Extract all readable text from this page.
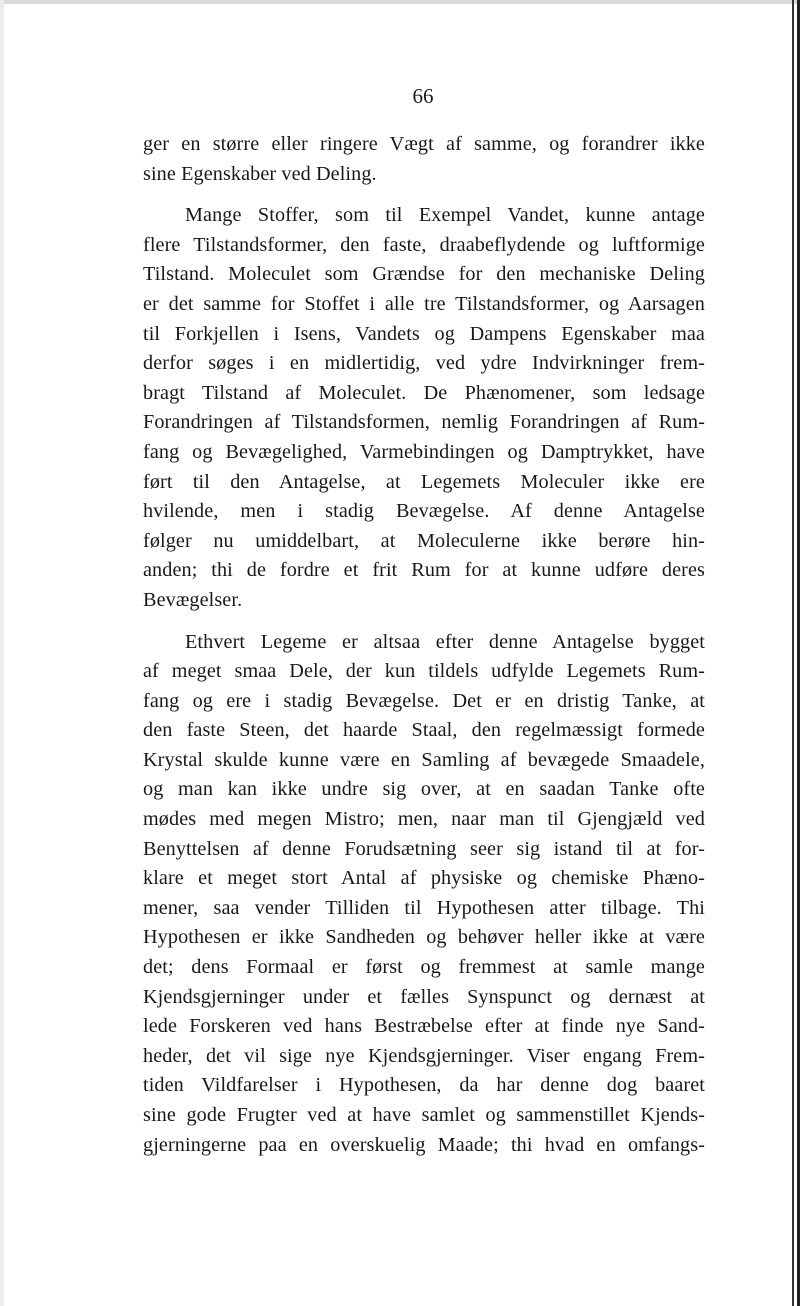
66
ger en større eller ringere Vægt af samme, og forandrer ikke
sine Egenskaber ved Deling.
Mange Stoffer, som til Exempel Vandet, kunne antage
flere Tilstandsformer, den faste, draabeflydende og luftformige
Tilstand. Moleculet som Grændse for den mechaniske Deling
er det samme for Stoffet i alle tre Tilstandsformer, og Aarsagen
til Forkjellen i Isens, Vandets og Dampens Egenskaber maa
derfor søges i en midlertidig, ved ydre Indvirkninger frem-
bragt Tilstand af Moleculet. De Phænomener, som ledsage
Forandringen af Tilstandsformen, nemlig Forandringen af Rum-
fang og Bevægelighed, Varmebindingen og Damptrykket, have
ført til den Antagelse, at Legemets Moleculer ikke ere
hvilende, men i stadig Bevægelse. Af denne Antagelse
følger nu umiddelbart, at Moleculerne ikke berøre hin-
anden; thi de fordre et frit Rum for at kunne udføre deres
Bevægelser.
Ethvert Legeme er altsaa efter denne Antagelse bygget
af meget smaa Dele, der kun tildels udfylde Legemets Rum-
fang og ere i stadig Bevægelse. Det er en dristig Tanke, at
den faste Steen, det haarde Staal, den regelmæssigt formede
Krystal skulde kunne være en Samling af bevægede Smaadele,
og man kan ikke undre sig over, at en saadan Tanke ofte
mødes med megen Mistro; men, naar man til Gjengjæld ved
Benyttelsen af denne Forudsætning seer sig istand til at for-
klare et meget stort Antal af physiske og chemiske Phæno-
mener, saa vender Tilliden til Hypothesen atter tilbage. Thi
Hypothesen er ikke Sandheden og behøver heller ikke at være
det; dens Formaal er først og fremmest at samle mange
Kjendsgjerninger under et fælles Synspunct og dernæst at
lede Forskeren ved hans Bestræbelse efter at finde nye Sand-
heder, det vil sige nye Kjendsgjerninger. Viser engang Frem-
tiden Vildfarelser i Hypothesen, da har denne dog baaret
sine gode Frugter ved at have samlet og sammenstillet Kjends-
gjerningerne paa en overskuelig Maade; thi hvad en omfangs-
